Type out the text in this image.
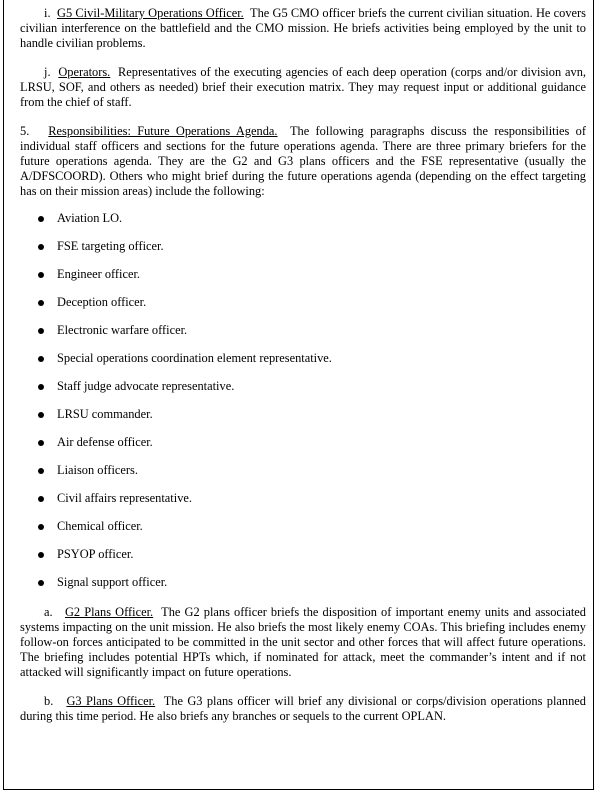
i. G5 Civil-Military Operations Officer. The G5 CMO officer briefs the current civilian situation. He covers civilian interference on the battlefield and the CMO mission. He briefs activities being employed by the unit to handle civilian problems.

j. Operators. Representatives of the executing agencies of each deep operation (corps and/or division avn, LRSU, SOF, and others as needed) brief their execution matrix. They may request input or additional guidance from the chief of staff.

5. Responsibilities: Future Operations Agenda. The following paragraphs discuss the responsibilities of individual staff officers and sections for the future operations agenda. There are three primary briefers for the future operations agenda. They are the G2 and G3 plans officers and the FSE representative (usually the A/DFSCOORD). Others who might brief during the future operations agenda (depending on the effect targeting has on their mission areas) include the following:

Aviation LO.
FSE targeting officer.
Engineer officer.
Deception officer.
Electronic warfare officer.
Special operations coordination element representative.
Staff judge advocate representative.
LRSU commander.
Air defense officer.
Liaison officers.
Civil affairs representative.
Chemical officer.
PSYOP officer.
Signal support officer.

a. G2 Plans Officer. The G2 plans officer briefs the disposition of important enemy units and associated systems impacting on the unit mission. He also briefs the most likely enemy COAs. This briefing includes enemy follow-on forces anticipated to be committed in the unit sector and other forces that will affect future operations. The briefing includes potential HPTs which, if nominated for attack, meet the commander’s intent and if not attacked will significantly impact on future operations.

b. G3 Plans Officer. The G3 plans officer will brief any divisional or corps/division operations planned during this time period. He also briefs any branches or sequels to the current OPLAN.
